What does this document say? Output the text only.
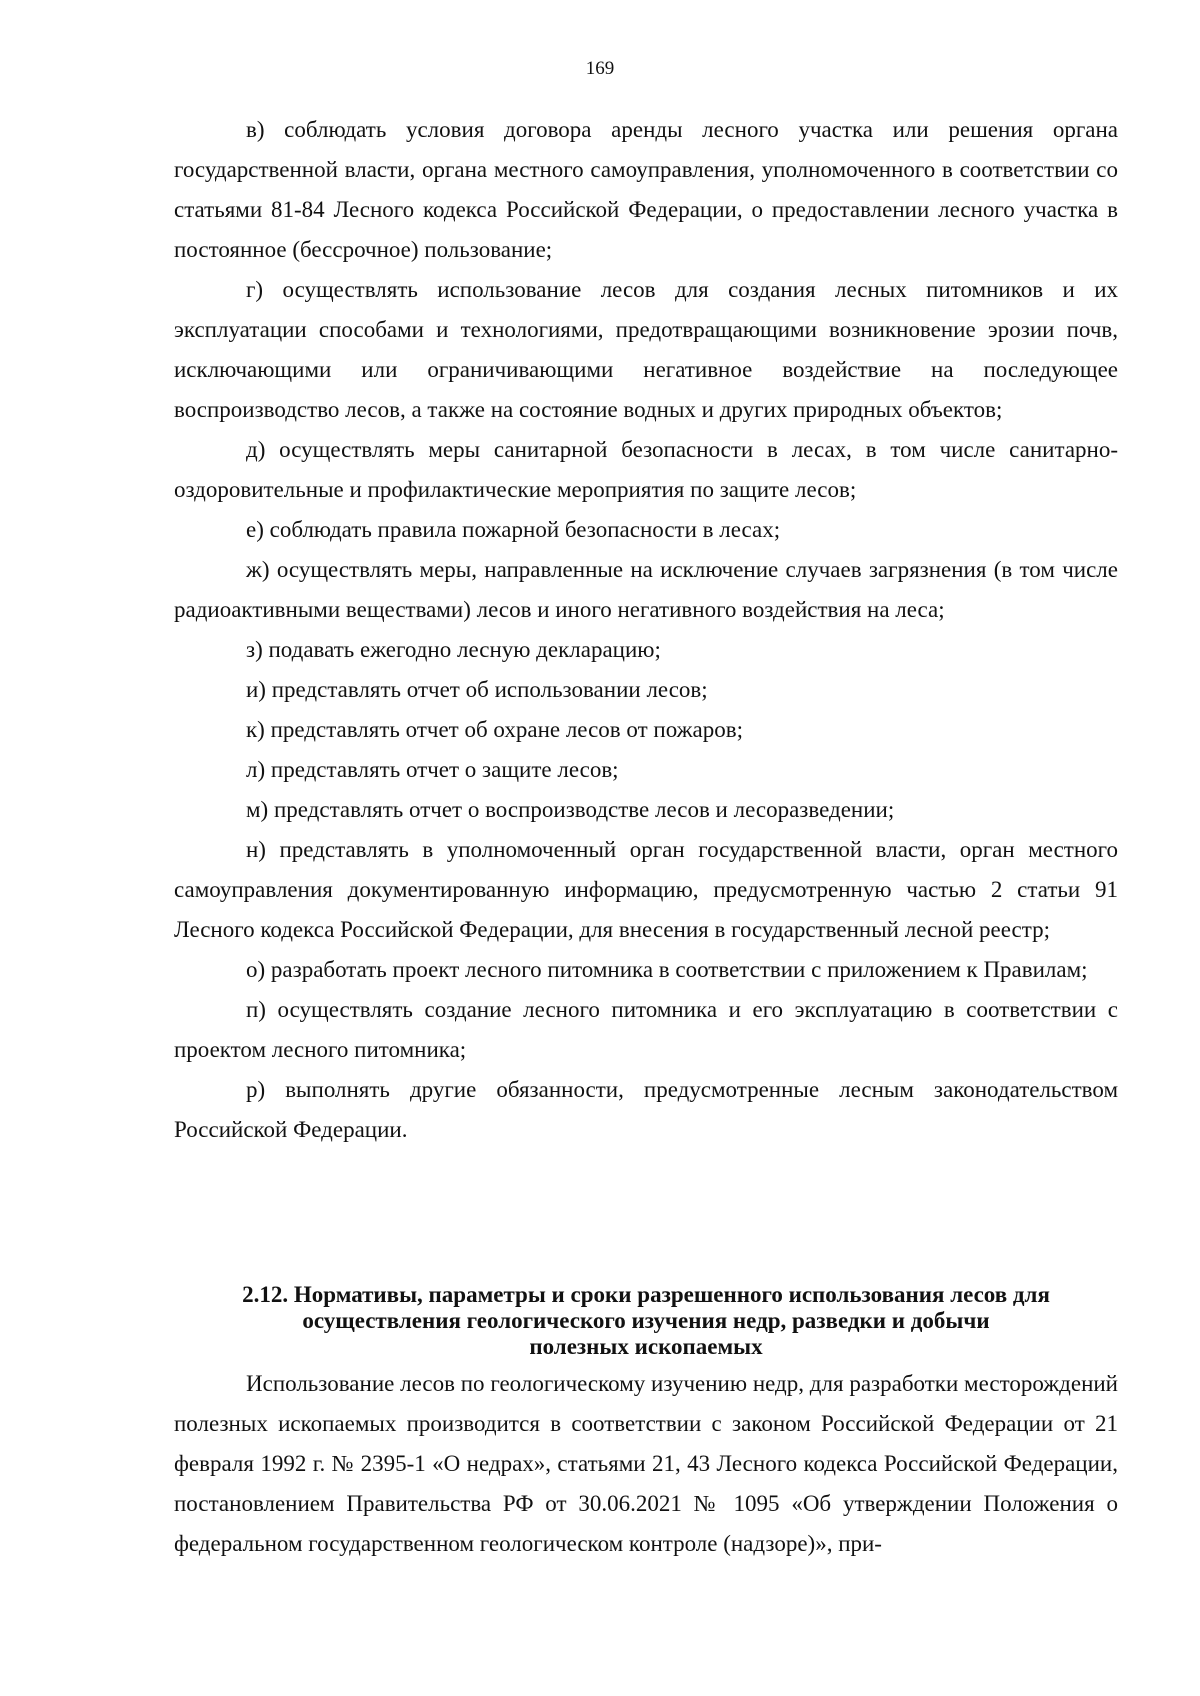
169

в) соблюдать условия договора аренды лесного участка или решения органа государственной власти, органа местного самоуправления, уполномоченного в соответствии со статьями 81-84 Лесного кодекса Российской Федерации, о предоставлении лесного участка в постоянное (бессрочное) пользование;

г) осуществлять использование лесов для создания лесных питомников и их эксплуатации способами и технологиями, предотвращающими возникновение эрозии почв, исключающими или ограничивающими негативное воздействие на последующее воспроизводство лесов, а также на состояние водных и других природных объектов;

д) осуществлять меры санитарной безопасности в лесах, в том числе санитарно-оздоровительные и профилактические мероприятия по защите лесов;

е) соблюдать правила пожарной безопасности в лесах;

ж) осуществлять меры, направленные на исключение случаев загрязнения (в том числе радиоактивными веществами) лесов и иного негативного воздействия на леса;

з) подавать ежегодно лесную декларацию;

и) представлять отчет об использовании лесов;

к) представлять отчет об охране лесов от пожаров;

л) представлять отчет о защите лесов;

м) представлять отчет о воспроизводстве лесов и лесоразведении;

н) представлять в уполномоченный орган государственной власти, орган местного самоуправления документированную информацию, предусмотренную частью 2 статьи 91 Лесного кодекса Российской Федерации, для внесения в государственный лесной реестр;

о) разработать проект лесного питомника в соответствии с приложением к Правилам;

п) осуществлять создание лесного питомника и его эксплуатацию в соответствии с проектом лесного питомника;

р) выполнять другие обязанности, предусмотренные лесным законодательством Российской Федерации.

2.12. Нормативы, параметры и сроки разрешенного использования лесов для
осуществления геологического изучения недр, разведки и добычи
полезных ископаемых

Использование лесов по геологическому изучению недр, для разработки месторождений полезных ископаемых производится в соответствии с законом Российской Федерации от 21 февраля 1992 г. № 2395-1 «О недрах», статьями 21, 43 Лесного кодекса Российской Федерации, постановлением Правительства РФ от 30.06.2021 № 1095 «Об утверждении Положения о федеральном государственном геологическом контроле (надзоре)», при-
